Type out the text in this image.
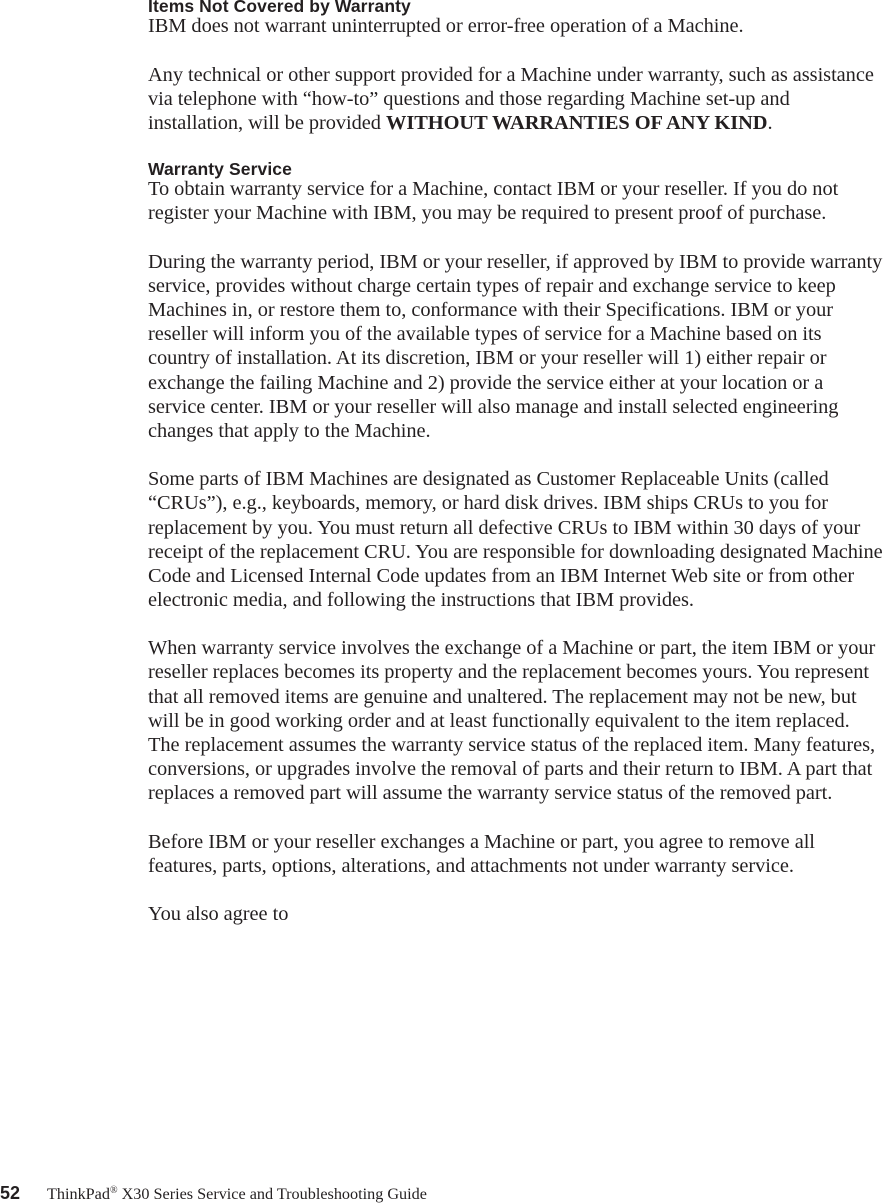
Items Not Covered by Warranty

IBM does not warrant uninterrupted or error-free operation of a Machine.

Any technical or other support provided for a Machine under warranty, such as assistance via telephone with “how-to” questions and those regarding Machine set-up and installation, will be provided WITHOUT WARRANTIES OF ANY KIND.

Warranty Service

To obtain warranty service for a Machine, contact IBM or your reseller. If you do not register your Machine with IBM, you may be required to present proof of purchase.

During the warranty period, IBM or your reseller, if approved by IBM to provide warranty service, provides without charge certain types of repair and exchange service to keep Machines in, or restore them to, conformance with their Specifications. IBM or your reseller will inform you of the available types of service for a Machine based on its country of installation. At its discretion, IBM or your reseller will 1) either repair or exchange the failing Machine and 2) provide the service either at your location or a service center. IBM or your reseller will also manage and install selected engineering changes that apply to the Machine.

Some parts of IBM Machines are designated as Customer Replaceable Units (called “CRUs”), e.g., keyboards, memory, or hard disk drives. IBM ships CRUs to you for replacement by you. You must return all defective CRUs to IBM within 30 days of your receipt of the replacement CRU. You are responsible for downloading designated Machine Code and Licensed Internal Code updates from an IBM Internet Web site or from other electronic media, and following the instructions that IBM provides.

When warranty service involves the exchange of a Machine or part, the item IBM or your reseller replaces becomes its property and the replacement becomes yours. You represent that all removed items are genuine and unaltered. The replacement may not be new, but will be in good working order and at least functionally equivalent to the item replaced. The replacement assumes the warranty service status of the replaced item. Many features, conversions, or upgrades involve the removal of parts and their return to IBM. A part that replaces a removed part will assume the warranty service status of the removed part.

Before IBM or your reseller exchanges a Machine or part, you agree to remove all features, parts, options, alterations, and attachments not under warranty service.

You also agree to

52 ThinkPad® X30 Series Service and Troubleshooting Guide
